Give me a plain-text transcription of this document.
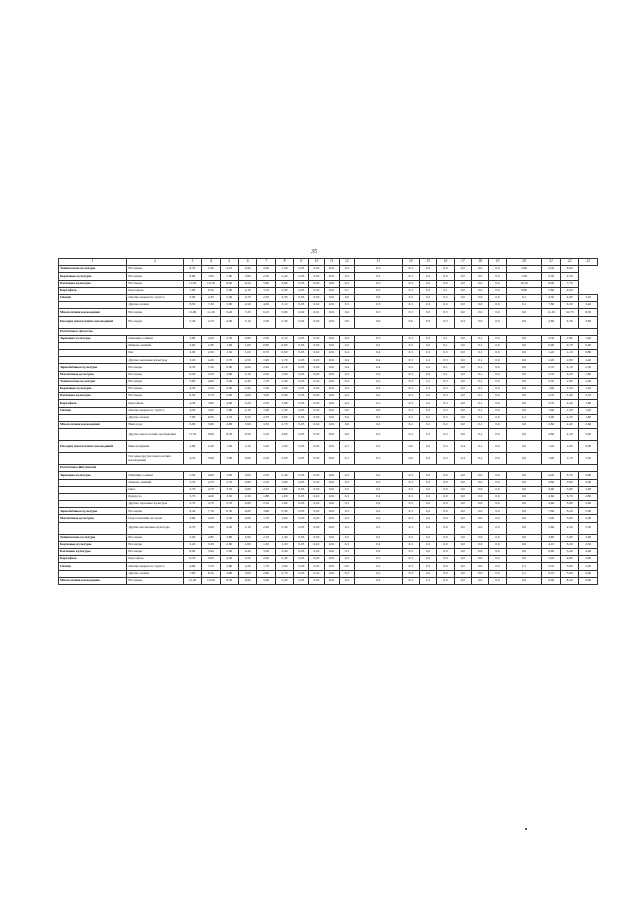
35
1	2	3	4	5	6	7	8	9	10	11	12	13	14	15	16	17	18	19	20	21	22	23
Технические культуры	Все виды	8,70	5,40	4,10	2,90	2,00	1,50	0,03	0,02	0,01	0,3	0,3	0,3	0,2	0,0	0,0	0,0	0,0	2,90	4,50	3,60	
Кормовые культуры	Все виды	8,80	7,80	5,90	3,80	2,50	2,20	0,03	0,02	0,01	0,3	0,2	0,3	0,2	0,0	0,0	0,0	0,0	7,90	6,30	4,50	
Бахчевые культуры	Все виды	11,50	10,10	8,60	6,50	5,80	4,90	0,03	0,02	0,01	0,3	0,3	0,3	0,2	0,0	0,0	0,0	0,0	10,10	8,00	7,70	
Картофель	Картофель	7,60	6,50	5,00	4,10	3,10	2,90	0,03	0,02	0,01	0,7	0,2	0,3	0,2	0,1	0,0	0,0	0,0	6,80	5,80	4,00	
Овощи	Овощи закрытого грунта	5,00	4,30	3,40	2,70	2,50	2,30	0,03	0,02	0,01	0,0	0,0	0,3	0,3	0,2	0,0	0,0	0,0	0,1	4,50	4,00	3,10
	Другие овощи	8,50	7,20	5,60	4,50	4,00	3,10	0,03	0,02	0,01	0,3	0,3	0,3	0,3	0,0	0,0	0,0	0,0	0,1	7,80	6,30	5,40
Многолетние насаждения	Все виды	13,90	11,20	9,40	7,20	6,10	5,80	0,02	0,01	0,01	0,4	0,3	0,3	0,3	0,3	0,0	0,0	0,0	0,0	11,20	10,70	8,50
Посадки многолетних насаждений	Все виды	5,40	4,70	4,00	3,10	2,50	2,30	0,02	0,02	0,01	0,0	0,0	0,0	0,3	0,3	0,4	0,0	0,0	0,0	4,80	4,30	3,60
Республика Дагестан																						
Зерновые культуры	Пшеница озимая	3,80	4,20	2,30	2,80	2,50	2,10	0,03	0,02	0,01	0,4	0,3	0,3	0,2	0,1	0,0	0,1	0,0	0,0	2,30	1,80	1,40
	Ячмень озимый	3,00	1,90	1,90	1,00	0,90	0,60	0,03	0,02	0,01	0,4	0,2	0,3	0,2	0,1	0,0	0,1	0,0	0,0	0,90	0,70	0,60
	Рис	2,00	2,50	1,50	1,00	0,70	0,60	0,03	0,02	0,01	0,4	0,2	0,3	0,1	0,3	0,0	0,1	0,0	0,0	1,20	1,10	0,80
	Другие зерновые культуры	3,20	4,20	2,70	2,50	1,90	1,70	0,03	0,02	0,01	0,4	0,2	0,3	0,1	0,3	0,0	0,1	0,0	0,0	2,20	1,80	1,40
Зернобобовые культуры	Все виды	9,50	7,20	6,90	4,60	2,40	2,10	0,03	0,02	0,01	0,4	0,4	0,3	0,1	0,1	0,0	0,1	0,0	0,0	2,70	2,10	2,50
Масличные культуры	Все виды	6,40	5,20	3,90	2,10	2,50	1,90	0,03	0,02	0,01	0,3	0,2	0,3	0,3	0,1	0,0	0,1	0,0	0,0	2,70	2,20	1,80
Технические культуры	Все виды	5,60	4,60	3,40	2,40	1,70	1,40	0,03	0,02	0,01	0,4	0,2	0,3	0,1	0,3	0,0	0,1	0,0	0,0	2,50	1,90	1,40
Кормовые культуры	Все виды	4,30	3,50	2,90	1,90	1,50	1,00	0,03	0,02	0,01	0,4	0,2	0,3	0,1	0,3	0,0	0,1	0,0	0,0	1,80	1,50	1,20
Бахчевые культуры	Все виды	6,50	5,70	5,00	3,60	3,00	2,90	0,03	0,02	0,01	0,4	0,2	0,3	0,1	0,3	0,0	0,1	0,0	0,0	2,70	2,40	2,10
Картофель	Картофель	4,30	3,60	4,00	3,20	2,50	1,80	0,03	0,02	0,01	0,4	0,1	0,3	0,1	0,3	0,0	0,1	0,0	0,0	3,70	2,20	1,80
Овощи	Овощи закрытого грунта	4,40	3,60	2,80	2,10	1,60	1,30	0,03	0,02	0,01	0,0	0,0	0,3	0,3	0,3	0,0	0,1	0,0	0,0	1,60	1,30	1,20
	Другие овощи	7,90	6,00	4,70	3,50	2,70	2,60	0,03	0,02	0,01	0,4	0,3	0,3	0,1	0,3	0,0	0,1	0,0	0,1	3,00	2,50	1,80
Многолетние насаждения	Виноград	6,90	5,80	4,80	3,90	3,30	2,70	0,03	0,02	0,01	0,6	0,2	0,2	0,1	0,2	0,0	0,1	0,0	0,0	2,80	2,40	2,60
	Другие многолетние насаждения	11,70	9,90	8,20	6,50	5,10	4,60	0,03	0,02	0,01	0,6	0,2	0,2	0,1	0,2	0,0	0,1	0,0	0,0	4,80	4,30	3,40
Посадки многолетних насаждений	Виноградники	2,80	2,40	1,90	1,50	1,20	1,00	0,03	0,02	0,01	0,1	0,2	0,0	0,2	0,3	0,4	0,1	0,0	0,0	1,20	1,00	0,90
	Посадки других многолетних насаждений	4,70	3,90	3,00	2,60	2,10	2,00	0,03	0,02	0,01	0,1	0,3	0,0	0,2	0,3	0,4	0,1	0,0	0,0	1,90	1,70	1,30
Республика Ингушетия																						
Зерновые культуры	Пшеница озимая	5,50	4,60	3,60	3,00	2,50	2,40	0,03	0,02	0,01	0,3	0,2	0,3	0,3	0,0	0,0	0,0	0,0	0,0	4,40	3,70	2,90
	Ячмень озимый	5,70	4,70	3,70	2,80	2,10	1,80	0,03	0,02	0,01	0,3	0,2	0,3	0,2	0,0	0,0	0,0	0,0	0,0	4,80	3,80	3,00
	Овес	5,70	4,70	3,70	2,80	2,10	1,80	0,03	0,02	0,01	0,3	0,2	0,3	0,2	0,0	0,0	0,0	0,0	0,0	4,60	3,80	3,00
	Кукуруза	5,70	4,60	3,50	2,30	1,80	1,60	0,03	0,02	0,01	0,3	0,2	0,3	0,2	0,0	0,0	0,0	0,0	0,0	4,60	3,70	2,80
	Другие зерновые культуры	5,70	4,70	3,70	2,80	2,10	1,80	0,03	0,02	0,01	0,3	0,2	0,3	0,2	0,0	0,0	0,0	0,0	0,0	4,60	3,80	3,00
Зернобобовые культуры	Все виды	9,40	7,70	6,30	4,80	3,60	3,30	0,03	0,02	0,01	0,3	0,2	0,3	0,2	0,0	0,0	0,0	0,0	0,0	7,60	6,20	5,00
Масличные культуры	Подсолнечник на зерно	3,60	4,40	3,50	2,60	1,70	1,60	0,03	0,02	0,01	0,3	0,2	0,3	0,2	0,0	0,0	0,0	0,0	0,0	5,00	3,60	2,00
	Другие масличные культуры	6,70	5,60	4,20	3,10	2,40	2,30	0,03	0,02	0,01	0,3	0,2	0,3	0,2	0,0	0,0	0,0	0,0	0,0	5,60	4,50	3,50
Технические культуры	Все виды	5,90	4,80	3,80	2,90	2,10	1,40	0,03	0,02	0,01	0,3	0,2	0,3	0,2	0,0	0,0	0,0	0,0	0,0	4,80	3,90	2,90
Кормовые культуры	Все виды	5,20	3,30	2,00	1,80	1,30	1,30	0,03	0,02	0,01	0,3	0,2	0,3	0,2	0,0	0,0	0,0	0,0	0,0	4,10	3,20	2,30
Бахчевые культуры	Все виды	8,00	5,90	5,90	4,40	3,30	3,40	0,03	0,02	0,01	0,3	0,2	0,3	0,2	0,0	0,0	0,0	0,0	0,0	6,60	5,40	4,00
Картофель	Картофель	6,70	5,60	4,40	3,50	2,60	2,40	0,03	0,02	0,01	0,3	0,1	0,3	0,2	0,0	0,0	0,0	0,0	0,0	5,40	4,80	3,60
Овощи	Овощи закрытого грунта	4,60	3,70	2,80	2,20	1,70	1,60	0,03	0,02	0,01	0,0	0,2	0,3	0,3	0,0	0,0	0,0	0,0	0,1	3,70	3,00	2,40
	Другие овощи	7,60	6,20	4,80	3,60	2,80	2,70	0,03	0,02	0,01	0,3	0,2	0,3	0,2	0,0	0,0	0,0	0,0	0,1	6,10	5,00	4,00
Многолетние насаждения	Все виды	12,20	10,30	8,50	6,90	5,60	5,20	0,03	0,02	0,01	0,3	0,2	0,3	0,1	0,0	0,0	0,0	0,0	0,0	9,60	8,40	6,80
